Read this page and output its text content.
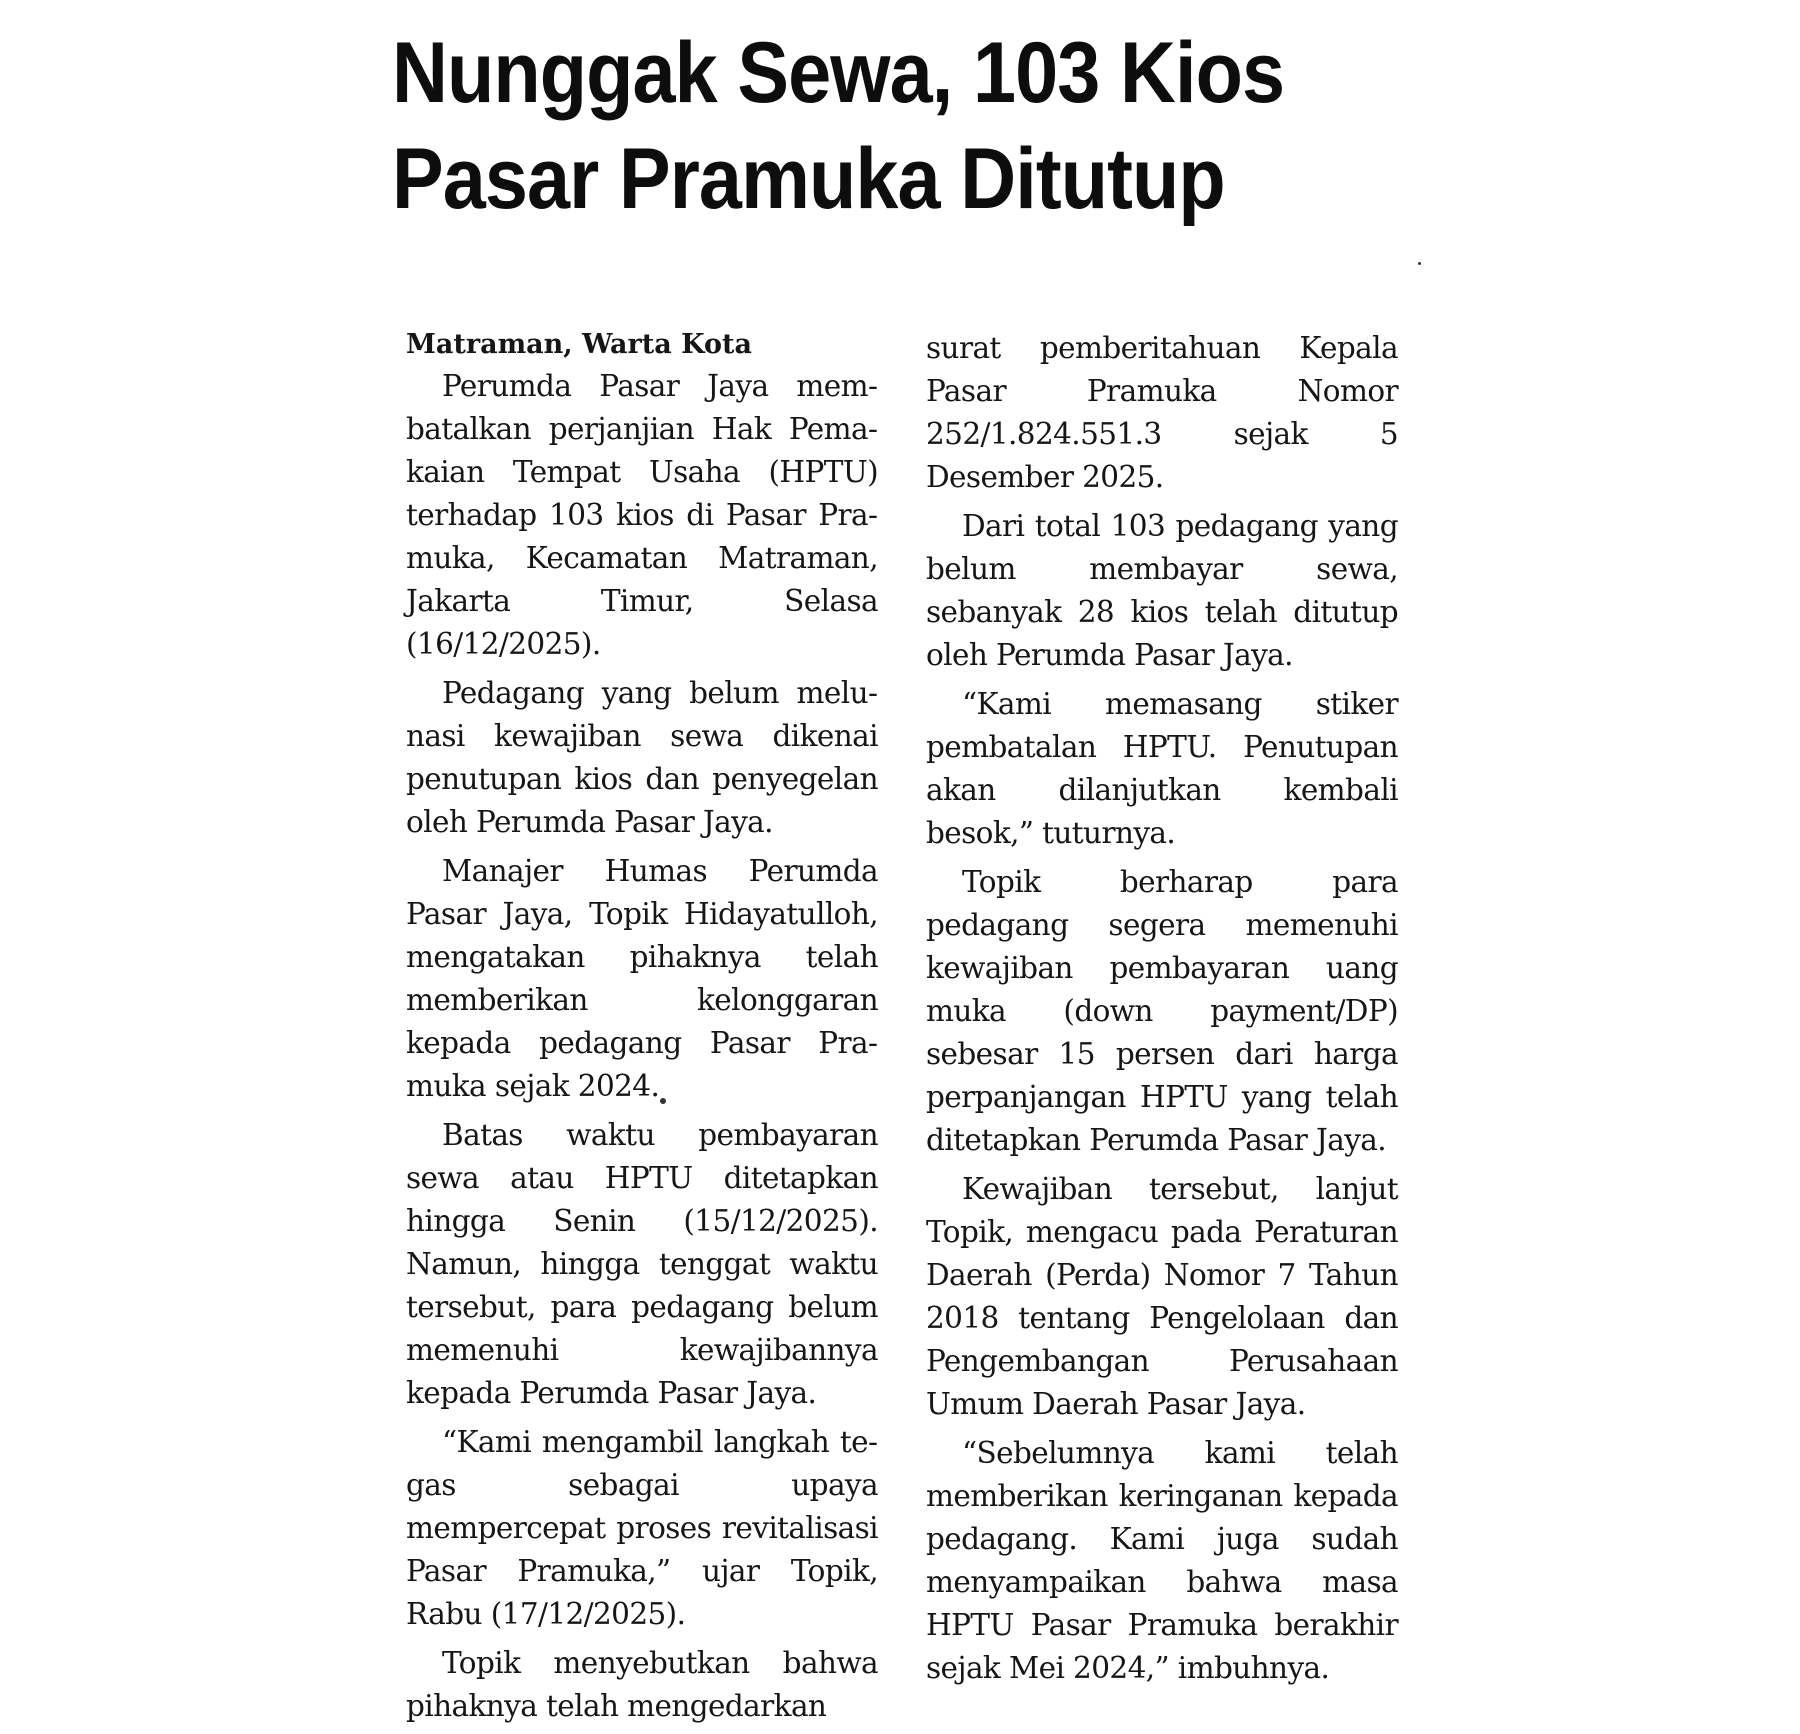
Nunggak Sewa, 103 Kios
Pasar Pramuka Ditutup
Matraman, Warta Kota

Perumda Pasar Jaya membatalkan perjanjian Hak Pemakaian Tempat Usaha (HPTU) terhadap 103 kios di Pasar Pramuka, Kecamatan Matraman, Jakarta Timur, Selasa (16/12/2025).

Pedagang yang belum melunasi kewajiban sewa dikenai penutupan kios dan penyegelan oleh Perumda Pasar Jaya.

Manajer Humas Perumda Pasar Jaya, Topik Hidayatulloh, mengatakan pihaknya telah memberikan kelonggaran kepada pedagang Pasar Pramuka sejak 2024.

Batas waktu pembayaran sewa atau HPTU ditetapkan hingga Senin (15/12/2025). Namun, hingga tenggat waktu tersebut, para pedagang belum memenuhi kewajibannya kepada Perumda Pasar Jaya.

“Kami mengambil langkah tegas sebagai upaya mempercepat proses revitalisasi Pasar Pramuka,” ujar Topik, Rabu (17/12/2025).

Topik menyebutkan bahwa pihaknya telah mengedarkan

surat pemberitahuan Kepala Pasar Pramuka Nomor 252/1.824.551.3 sejak 5 Desember 2025.

Dari total 103 pedagang yang belum membayar sewa, sebanyak 28 kios telah ditutup oleh Perumda Pasar Jaya.

“Kami memasang stiker pembatalan HPTU. Penutupan akan dilanjutkan kembali besok,” tuturnya.

Topik berharap para pedagang segera memenuhi kewajiban pembayaran uang muka (down payment/DP) sebesar 15 persen dari harga perpanjangan HPTU yang telah ditetapkan Perumda Pasar Jaya.

Kewajiban tersebut, lanjut Topik, mengacu pada Peraturan Daerah (Perda) Nomor 7 Tahun 2018 tentang Pengelolaan dan Pengembangan Perusahaan Umum Daerah Pasar Jaya.

“Sebelumnya kami telah memberikan keringanan kepada pedagang. Kami juga sudah menyampaikan bahwa masa HPTU Pasar Pramuka berakhir sejak Mei 2024,” imbuhnya.
